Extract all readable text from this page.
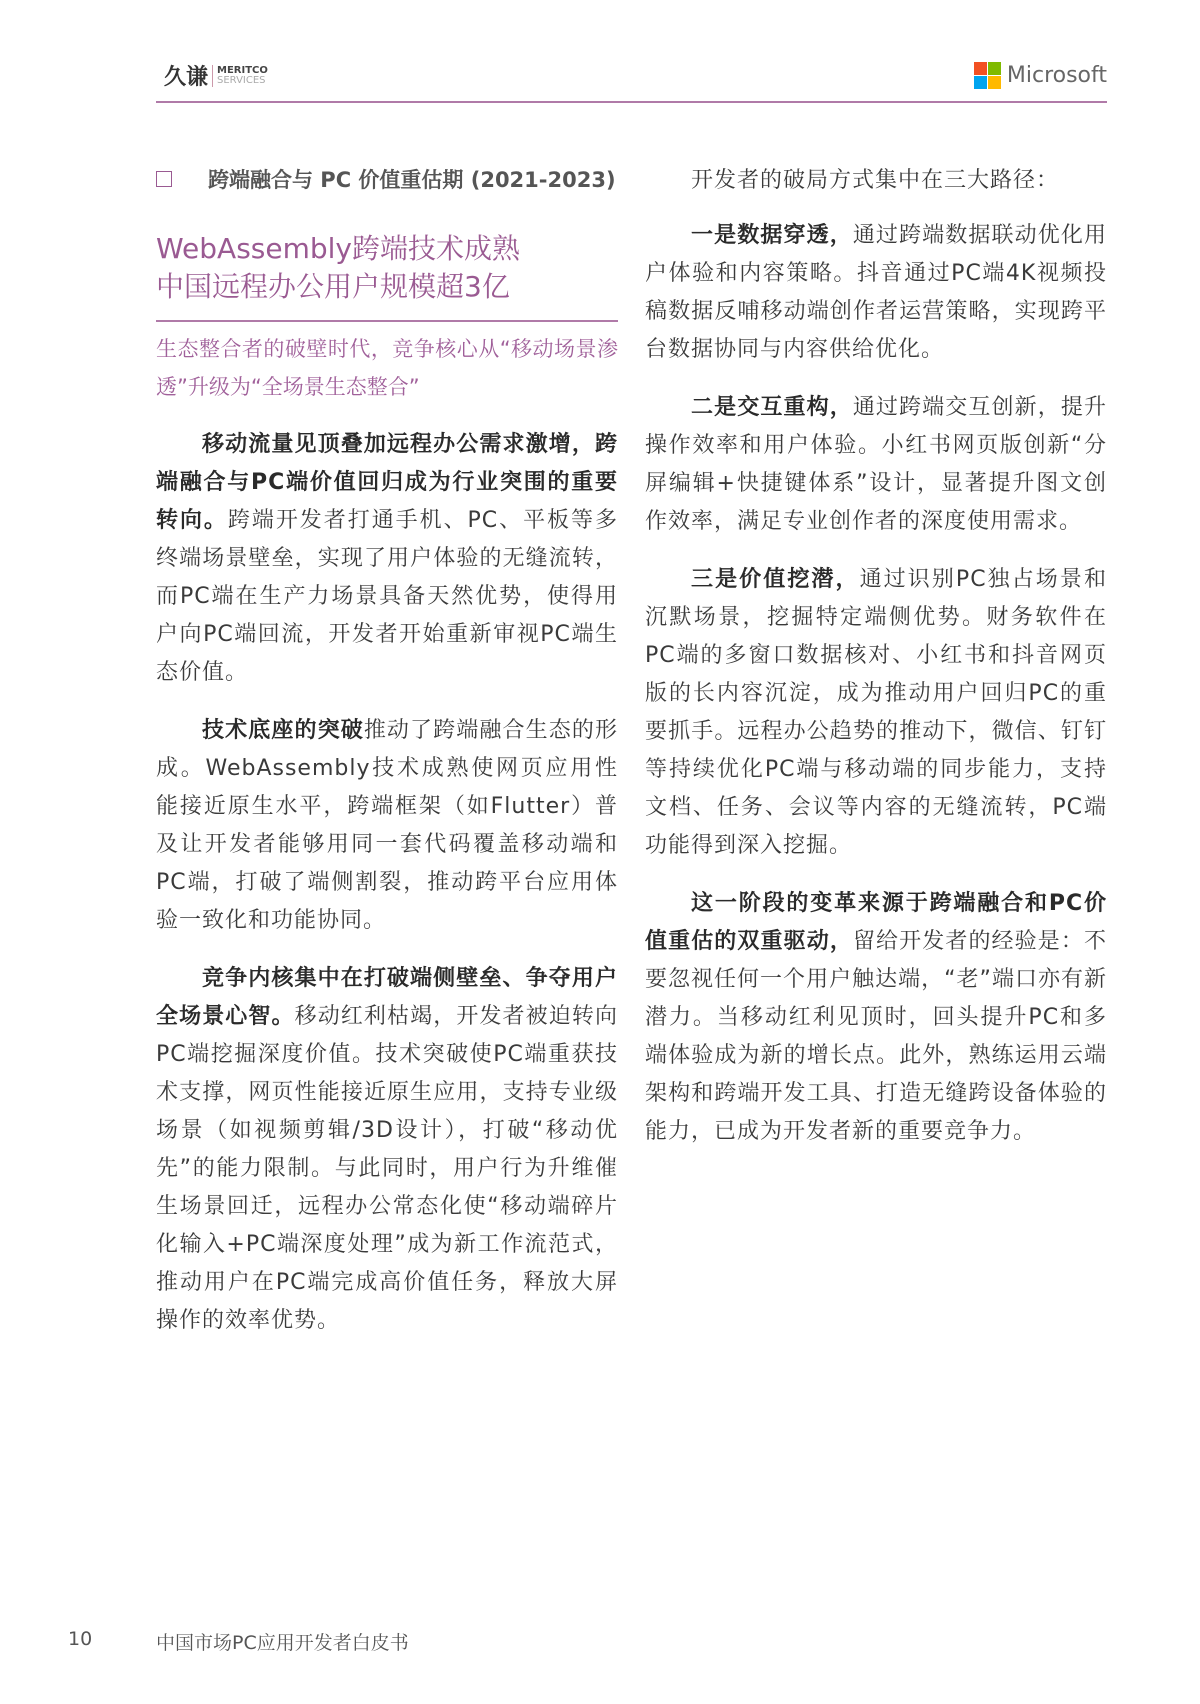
久谦 MERITCO
SERVICES	Microsoft
跨端融合与 PC 价值重估期 (2021-2023)
WebAssembly跨端技术成熟
中国远程办公用户规模超3亿
生态整合者的破壁时代，竞争核心从“移动场景渗透”升级为“全场景生态整合”

移动流量见顶叠加远程办公需求激增，跨端融合与PC端价值回归成为行业突围的重要转向。跨端开发者打通手机、PC、平板等多终端场景壁垒，实现了用户体验的无缝流转，而PC端在生产力场景具备天然优势，使得用户向PC端回流，开发者开始重新审视PC端生态价值。

技术底座的突破推动了跨端融合生态的形成。WebAssembly技术成熟使网页应用性能接近原生水平，跨端框架（如Flutter）普及让开发者能够用同一套代码覆盖移动端和PC端，打破了端侧割裂，推动跨平台应用体验一致化和功能协同。

竞争内核集中在打破端侧壁垒、争夺用户全场景心智。移动红利枯竭，开发者被迫转向PC端挖掘深度价值。技术突破使PC端重获技术支撑，网页性能接近原生应用，支持专业级场景（如视频剪辑/3D设计），打破“移动优先”的能力限制。与此同时，用户行为升维催生场景回迁，远程办公常态化使“移动端碎片化输入+PC端深度处理”成为新工作流范式，推动用户在PC端完成高价值任务，释放大屏操作的效率优势。

开发者的破局方式集中在三大路径：

一是数据穿透，通过跨端数据联动优化用户体验和内容策略。抖音通过PC端4K视频投稿数据反哺移动端创作者运营策略，实现跨平台数据协同与内容供给优化。

二是交互重构，通过跨端交互创新，提升操作效率和用户体验。小红书网页版创新“分屏编辑+快捷键体系”设计，显著提升图文创作效率，满足专业创作者的深度使用需求。

三是价值挖潜，通过识别PC独占场景和沉默场景，挖掘特定端侧优势。财务软件在PC端的多窗口数据核对、小红书和抖音网页版的长内容沉淀，成为推动用户回归PC的重要抓手。远程办公趋势的推动下，微信、钉钉等持续优化PC端与移动端的同步能力，支持文档、任务、会议等内容的无缝流转，PC端功能得到深入挖掘。

这一阶段的变革来源于跨端融合和PC价值重估的双重驱动，留给开发者的经验是：不要忽视任何一个用户触达端，“老”端口亦有新潜力。当移动红利见顶时，回头提升PC和多端体验成为新的增长点。此外，熟练运用云端架构和跨端开发工具、打造无缝跨设备体验的能力，已成为开发者新的重要竞争力。

10	中国市场PC应用开发者白皮书
